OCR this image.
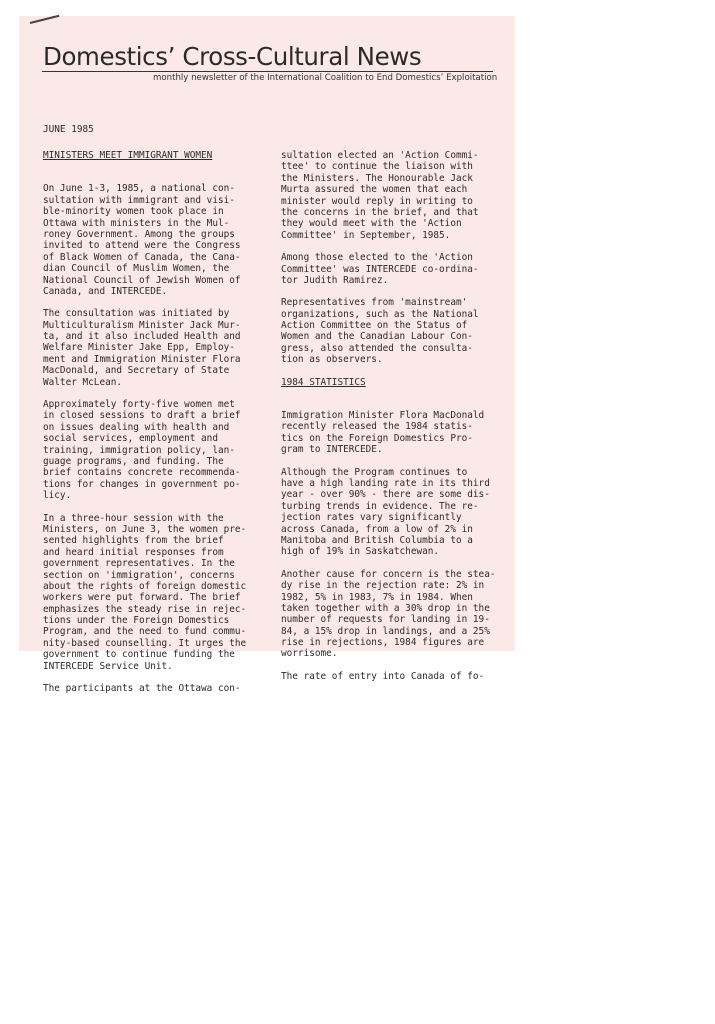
Domestics’ Cross-Cultural News
monthly newsletter of the International Coalition to End Domestics’ Exploitation
JUNE 1985
MINISTERS MEET IMMIGRANT WOMEN
On June 1-3, 1985, a national con-
sultation with immigrant and visi-
ble-minority women took place in
Ottawa with ministers in the Mul-
roney Government. Among the groups
invited to attend were the Congress
of Black Women of Canada, the Cana-
dian Council of Muslim Women, the
National Council of Jewish Women of
Canada, and INTERCEDE.
The consultation was initiated by
Multiculturalism Minister Jack Mur-
ta, and it also included Health and
Welfare Minister Jake Epp, Employ-
ment and Immigration Minister Flora
MacDonald, and Secretary of State
Walter McLean.
Approximately forty-five women met
in closed sessions to draft a brief
on issues dealing with health and
social services, employment and
training, immigration policy, lan-
guage programs, and funding. The
brief contains concrete recommenda-
tions for changes in government po-
licy.
In a three-hour session with the
Ministers, on June 3, the women pre-
sented highlights from the brief
and heard initial responses from
government representatives. In the
section on 'immigration', concerns
about the rights of foreign domestic
workers were put forward. The brief
emphasizes the steady rise in rejec-
tions under the Foreign Domestics
Program, and the need to fund commu-
nity-based counselling. It urges the
government to continue funding the
INTERCEDE Service Unit.
The participants at the Ottawa con-
sultation elected an 'Action Commi-
ttee' to continue the liaison with
the Ministers. The Honourable Jack
Murta assured the women that each
minister would reply in writing to
the concerns in the brief, and that
they would meet with the 'Action
Committee' in September, 1985.
Among those elected to the 'Action
Committee' was INTERCEDE co-ordina-
tor Judith Ramirez.
Representatives from 'mainstream'
organizations, such as the National
Action Committee on the Status of
Women and the Canadian Labour Con-
gress, also attended the consulta-
tion as observers.
1984 STATISTICS
Immigration Minister Flora MacDonald
recently released the 1984 statis-
tics on the Foreign Domestics Pro-
gram to INTERCEDE.
Although the Program continues to
have a high landing rate in its third
year - over 90% - there are some dis-
turbing trends in evidence. The re-
jection rates vary significantly
across Canada, from a low of 2% in
Manitoba and British Columbia to a
high of 19% in Saskatchewan.
Another cause for concern is the stea-
dy rise in the rejection rate: 2% in
1982, 5% in 1983, 7% in 1984. When
taken together with a 30% drop in the
number of requests for landing in 19-
84, a 15% drop in landings, and a 25%
rise in rejections, 1984 figures are
worrisome.
The rate of entry into Canada of fo-
